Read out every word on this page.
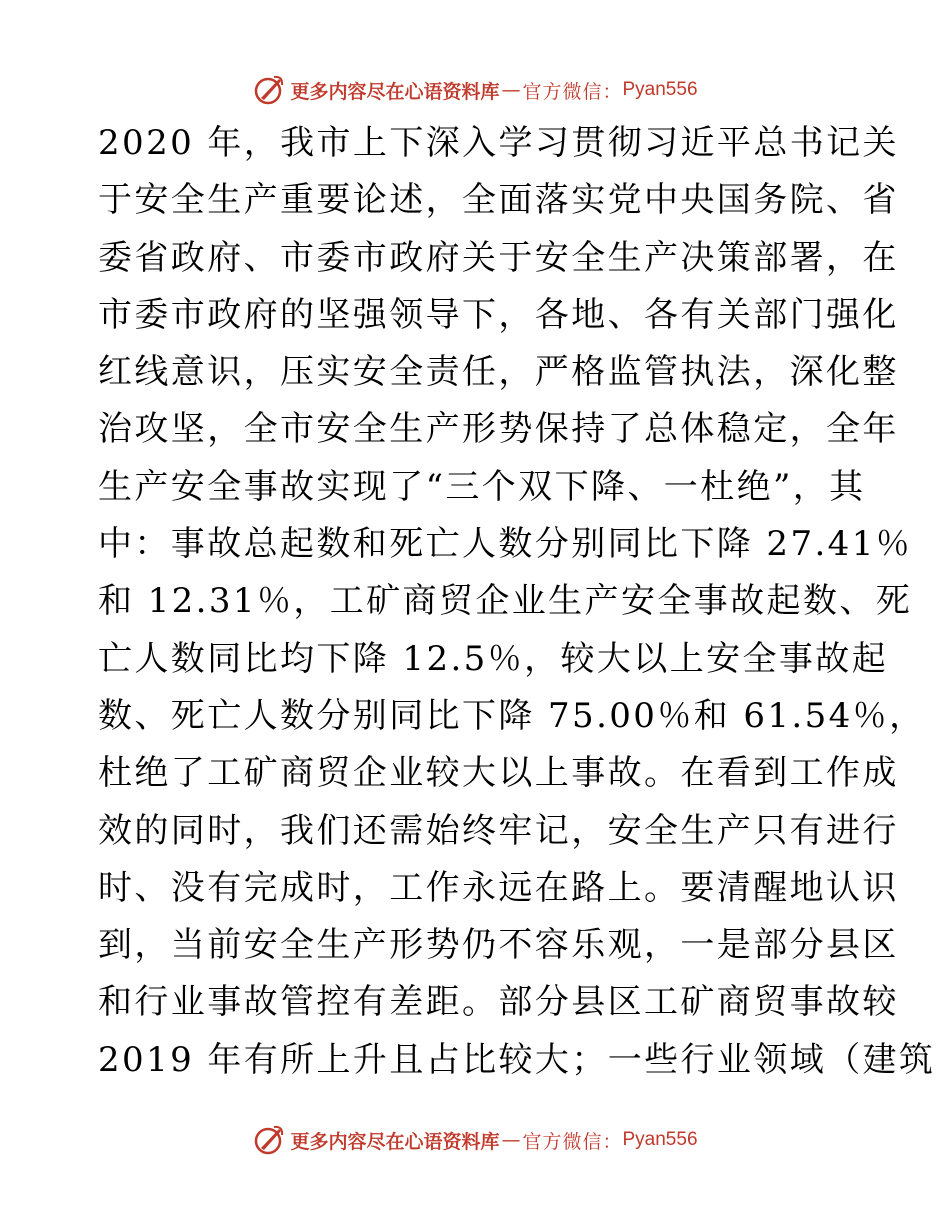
更多内容尽在心语资料库 — 官方微信： Pyan556
2020 年，我市上下深入学习贯彻习近平总书记关
于安全生产重要论述，全面落实党中央国务院、省
委省政府、市委市政府关于安全生产决策部署，在
市委市政府的坚强领导下，各地、各有关部门强化
红线意识，压实安全责任，严格监管执法，深化整
治攻坚，全市安全生产形势保持了总体稳定，全年
生产安全事故实现了“三个双下降、一杜绝”，其
中：事故总起数和死亡人数分别同比下降 27.41％
和 12.31％，工矿商贸企业生产安全事故起数、死
亡人数同比均下降 12.5％，较大以上安全事故起
数、死亡人数分别同比下降 75.00％和 61.54％，
杜绝了工矿商贸企业较大以上事故。在看到工作成
效的同时，我们还需始终牢记，安全生产只有进行
时、没有完成时，工作永远在路上。要清醒地认识
到，当前安全生产形势仍不容乐观，一是部分县区
和行业事故管控有差距。部分县区工矿商贸事故较
2019 年有所上升且占比较大；一些行业领域（建筑
更多内容尽在心语资料库 — 官方微信： Pyan556
